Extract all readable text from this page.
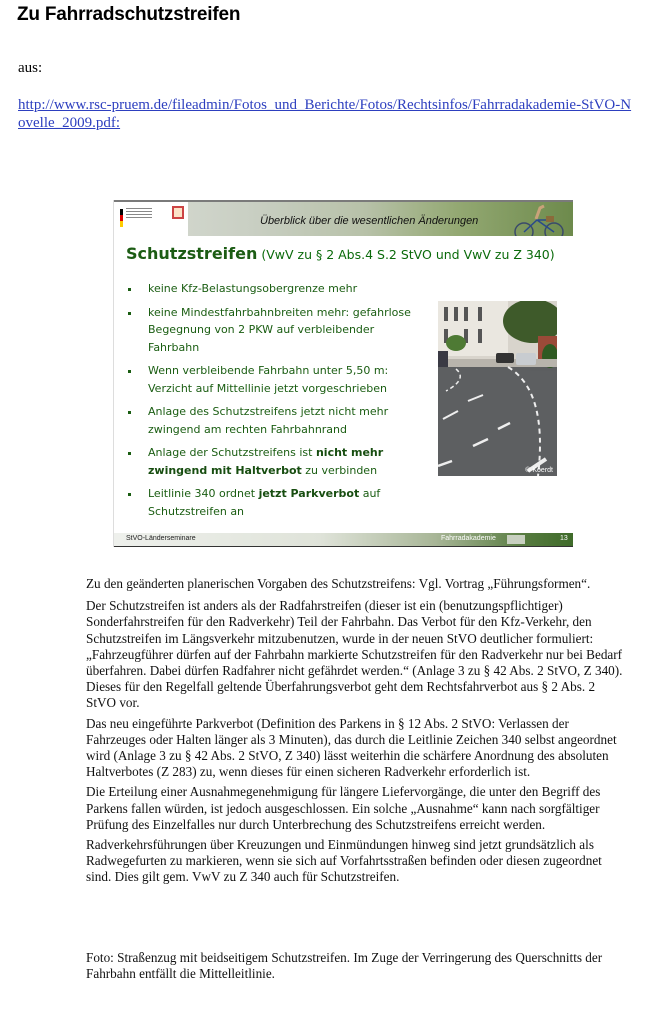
Zu Fahrradschutzstreifen
aus:
http://www.rsc-pruem.de/fileadmin/Fotos_und_Berichte/Fotos/Rechtsinfos/Fahrradakademie-StVO-Novelle_2009.pdf:
Überblick über die wesentlichen Änderungen
Schutzstreifen (VwV zu § 2 Abs.4 S.2 StVO und VwV zu Z 340)
keine Kfz-Belastungsobergrenze mehr
keine Mindestfahrbahnbreiten mehr: gefahrlose Begegnung von 2 PKW auf verbleibender Fahrbahn
Wenn verbleibende Fahrbahn unter 5,50 m: Verzicht auf Mittellinie jetzt vorgeschrieben
Anlage des Schutzstreifens jetzt nicht mehr zwingend am rechten Fahrbahnrand
Anlage der Schutzstreifens ist nicht mehr zwingend mit Haltverbot zu verbinden
Leitlinie 340 ordnet jetzt Parkverbot auf Schutzstreifen an
© Koerdt
StVO-Länderseminare	Fahrradakademie	13

Zu den geänderten planerischen Vorgaben des Schutzstreifens: Vgl. Vortrag „Führungsformen“.

Der Schutzstreifen ist anders als der Radfahrstreifen (dieser ist ein (benutzungspflichtiger) Sonderfahrstreifen für den Radverkehr) Teil der Fahrbahn. Das Verbot für den Kfz-Verkehr, den Schutzstreifen im Längsverkehr mitzubenutzen, wurde in der neuen StVO deutlicher formuliert: „Fahrzeugführer dürfen auf der Fahrbahn markierte Schutzstreifen für den Radverkehr nur bei Bedarf überfahren. Dabei dürfen Radfahrer nicht gefährdet werden.“ (Anlage 3 zu § 42 Abs. 2 StVO, Z 340). Dieses für den Regelfall geltende Überfahrungsverbot geht dem Rechtsfahrverbot aus § 2 Abs. 2 StVO vor.

Das neu eingeführte Parkverbot (Definition des Parkens in § 12 Abs. 2 StVO: Verlassen der Fahrzeuges oder Halten länger als 3 Minuten), das durch die Leitlinie Zeichen 340 selbst angeordnet wird (Anlage 3 zu § 42 Abs. 2 StVO, Z 340) lässt weiterhin die schärfere Anordnung des absoluten Haltverbotes (Z 283) zu, wenn dieses für einen sicheren Radverkehr erforderlich ist.

Die Erteilung einer Ausnahmegenehmigung für längere Liefervorgänge, die unter den Begriff des Parkens fallen würden, ist jedoch ausgeschlossen. Ein solche „Ausnahme“ kann nach sorgfältiger Prüfung des Einzelfalles nur durch Unterbrechung des Schutzstreifens erreicht werden.

Radverkehrsführungen über Kreuzungen und Einmündungen hinweg sind jetzt grundsätzlich als Radwegefurten zu markieren, wenn sie sich auf Vorfahrtsstraßen befinden oder diesen zugeordnet sind. Dies gilt gem. VwV zu Z 340 auch für Schutzstreifen.

Foto: Straßenzug mit beidseitigem Schutzstreifen. Im Zuge der Verringerung des Querschnitts der Fahrbahn entfällt die Mittelleitlinie.
